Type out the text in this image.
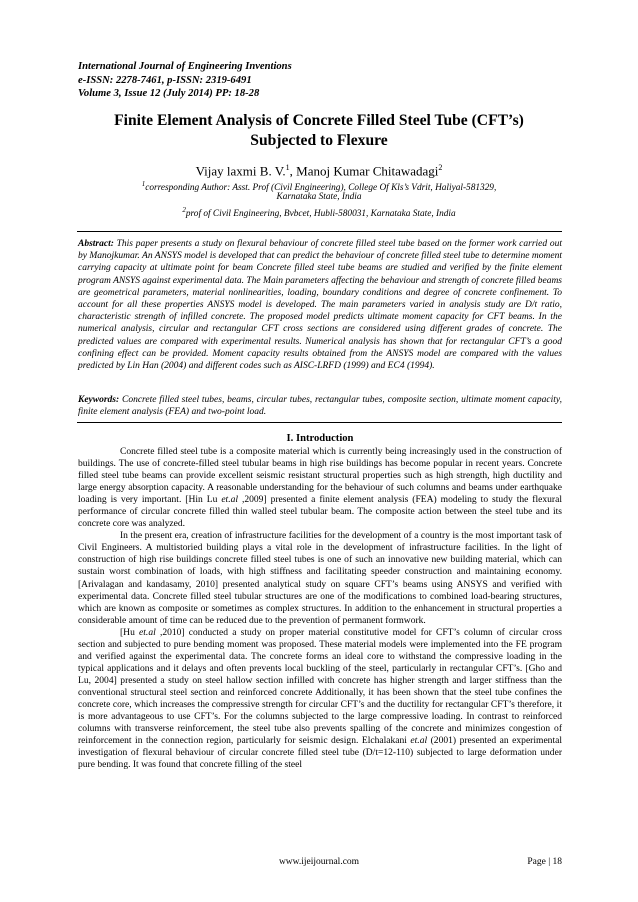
International Journal of Engineering Inventions
e-ISSN: 2278-7461, p-ISSN: 2319-6491
Volume 3, Issue 12 (July 2014) PP: 18-28
Finite Element Analysis of Concrete Filled Steel Tube (CFT’s)
Subjected to Flexure
Vijay laxmi B. V.$^1$, Manoj Kumar Chitawadagi$^2$
$^1$corresponding Author: Asst. Prof (Civil Engineering), College Of Kls’s Vdrit, Haliyal-581329,
Karnataka State, India
$^2$prof of Civil Engineering, Bvbcet, Hubli-580031, Karnataka State, India
Abstract: This paper presents a study on flexural behaviour of concrete filled steel tube based on the former work carried out by Manojkumar. An ANSYS model is developed that can predict the behaviour of concrete filled steel tube to determine moment carrying capacity at ultimate point for beam Concrete filled steel tube beams are studied and verified by the finite element program ANSYS against experimental data. The Main parameters affecting the behaviour and strength of concrete filled beams are geometrical parameters, material nonlinearities, loading, boundary conditions and degree of concrete confinement. To account for all these properties ANSYS model is developed. The main parameters varied in analysis study are D/t ratio, characteristic strength of infilled concrete. The proposed model predicts ultimate moment capacity for CFT beams. In the numerical analysis, circular and rectangular CFT cross sections are considered using different grades of concrete. The predicted values are compared with experimental results. Numerical analysis has shown that for rectangular CFT’s a good confining effect can be provided. Moment capacity results obtained from the ANSYS model are compared with the values predicted by Lin Han (2004) and different codes such as AISC-LRFD (1999) and EC4 (1994).
Keywords: Concrete filled steel tubes, beams, circular tubes, rectangular tubes, composite section, ultimate moment capacity, finite element analysis (FEA) and two-point load.
I. Introduction

Concrete filled steel tube is a composite material which is currently being increasingly used in the construction of buildings. The use of concrete-filled steel tubular beams in high rise buildings has become popular in recent years. Concrete filled steel tube beams can provide excellent seismic resistant structural properties such as high strength, high ductility and large energy absorption capacity. A reasonable understanding for the behaviour of such columns and beams under earthquake loading is very important. [Hin Lu et.al ,2009] presented a finite element analysis (FEA) modeling to study the flexural performance of circular concrete filled thin walled steel tubular beam. The composite action between the steel tube and its concrete core was analyzed.

In the present era, creation of infrastructure facilities for the development of a country is the most important task of Civil Engineers. A multistoried building plays a vital role in the development of infrastructure facilities. In the light of construction of high rise buildings concrete filled steel tubes is one of such an innovative new building material, which can sustain worst combination of loads, with high stiffness and facilitating speeder construction and maintaining economy. [Arivalagan and kandasamy, 2010] presented analytical study on square CFT’s beams using ANSYS and verified with experimental data. Concrete filled steel tubular structures are one of the modifications to combined load-bearing structures, which are known as composite or sometimes as complex structures. In addition to the enhancement in structural properties a considerable amount of time can be reduced due to the prevention of permanent formwork.

[Hu et.al ,2010] conducted a study on proper material constitutive model for CFT’s column of circular cross section and subjected to pure bending moment was proposed. These material models were implemented into the FE program and verified against the experimental data. The concrete forms an ideal core to withstand the compressive loading in the typical applications and it delays and often prevents local buckling of the steel, particularly in rectangular CFT’s. [Gho and Lu, 2004] presented a study on steel hallow section infilled with concrete has higher strength and larger stiffness than the conventional structural steel section and reinforced concrete Additionally, it has been shown that the steel tube confines the concrete core, which increases the compressive strength for circular CFT’s and the ductility for rectangular CFT’s therefore, it is more advantageous to use CFT’s. For the columns subjected to the large compressive loading. In contrast to reinforced columns with transverse reinforcement, the steel tube also prevents spalling of the concrete and minimizes congestion of reinforcement in the connection region, particularly for seismic design. Elchalakani et.al (2001) presented an experimental investigation of flexural behaviour of circular concrete filled steel tube (D/t=12-110) subjected to large deformation under pure bending. It was found that concrete filling of the steel

www.ijeijournal.com	Page | 18
